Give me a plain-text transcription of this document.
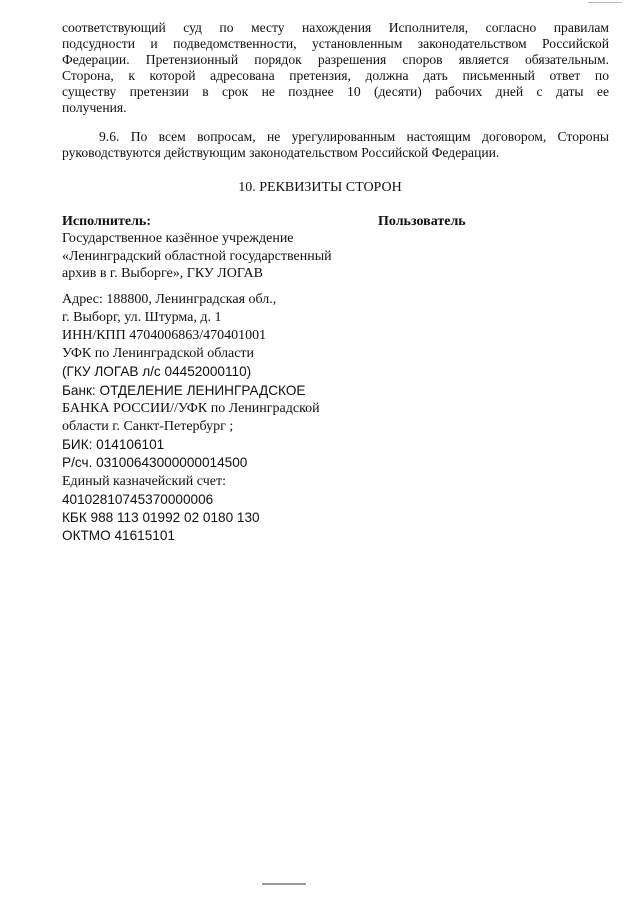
соответствующий суд по месту нахождения Исполнителя, согласно правилам
подсудности и подведомственности, установленным законодательством Российской
Федерации. Претензионный порядок разрешения споров является обязательным.
Сторона, к которой адресована претензия, должна дать письменный ответ по
существу претензии в срок не позднее 10 (десяти) рабочих дней с даты ее
получения.
9.6. По всем вопросам, не урегулированным настоящим договором, Стороны
руководствуются действующим законодательством Российской Федерации.
10. РЕКВИЗИТЫ СТОРОН
Исполнитель:
Государственное казённое учреждение
«Ленинградский областной государственный
архив в г. Выборге», ГКУ ЛОГАВ
Адрес: 188800, Ленинградская обл.,
г. Выборг, ул. Штурма, д. 1
ИНН/КПП 4704006863/470401001
УФК по Ленинградской области
(ГКУ ЛОГАВ л/с 04452000110)
Банк: ОТДЕЛЕНИЕ ЛЕНИНГРАДСКОЕ
БАНКА РОССИИ//УФК по Ленинградской
области г. Санкт-Петербург ;
БИК: 014106101
Р/сч. 03100643000000014500
Единый казначейский счет:
40102810745370000006
КБК 988 113 01992 02 0180 130
ОКТМО 41615101
Пользователь
